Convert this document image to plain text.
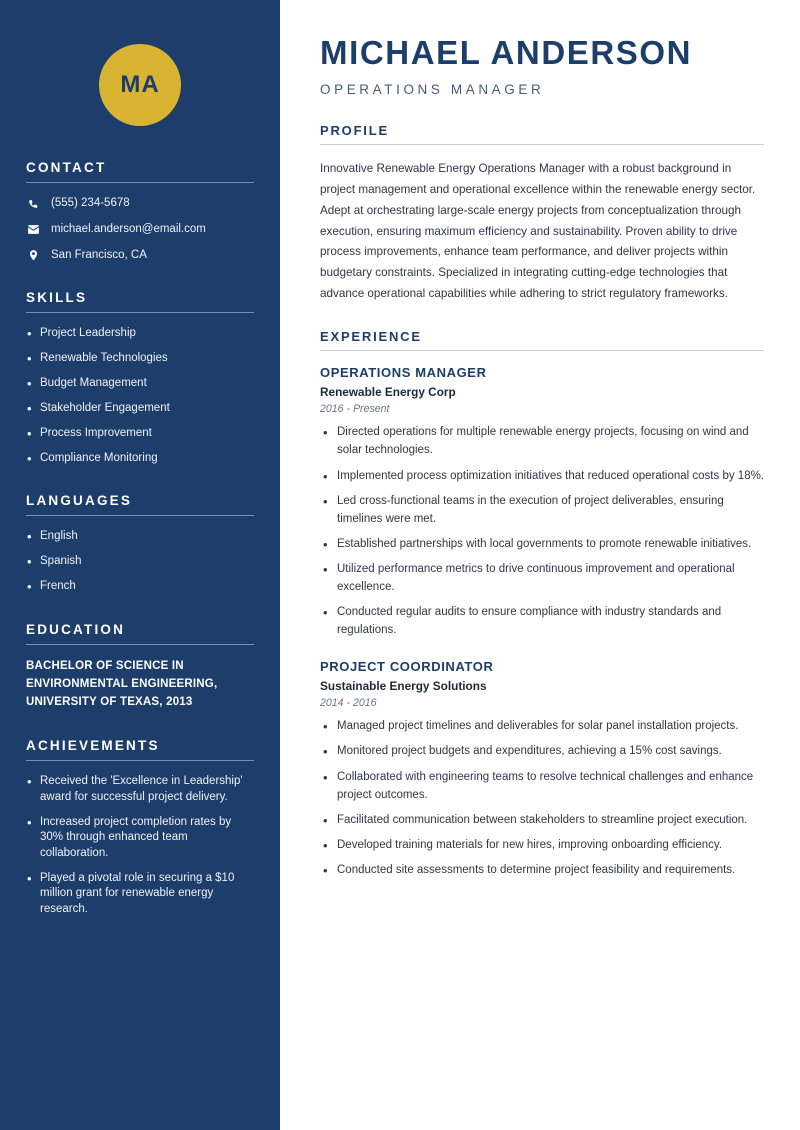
MA
CONTACT
(555) 234-5678
michael.anderson@email.com
San Francisco, CA
SKILLS
• Project Leadership
• Renewable Technologies
• Budget Management
• Stakeholder Engagement
• Process Improvement
• Compliance Monitoring
LANGUAGES
• English
• Spanish
• French
EDUCATION
BACHELOR OF SCIENCE IN ENVIRONMENTAL ENGINEERING, UNIVERSITY OF TEXAS, 2013
ACHIEVEMENTS
• Received the 'Excellence in Leadership' award for successful project delivery.
• Increased project completion rates by 30% through enhanced team collaboration.
• Played a pivotal role in securing a $10 million grant for renewable energy research.
MICHAEL ANDERSON
OPERATIONS MANAGER
PROFILE

Innovative Renewable Energy Operations Manager with a robust background in project management and operational excellence within the renewable energy sector. Adept at orchestrating large-scale energy projects from conceptualization through execution, ensuring maximum efficiency and sustainability. Proven ability to drive process improvements, enhance team performance, and deliver projects within budgetary constraints. Specialized in integrating cutting-edge technologies that advance operational capabilities while adhering to strict regulatory frameworks.

EXPERIENCE
OPERATIONS MANAGER
Renewable Energy Corp
2016 - Present
• Directed operations for multiple renewable energy projects, focusing on wind and solar technologies.
• Implemented process optimization initiatives that reduced operational costs by 18%.
• Led cross-functional teams in the execution of project deliverables, ensuring timelines were met.
• Established partnerships with local governments to promote renewable initiatives.
• Utilized performance metrics to drive continuous improvement and operational excellence.
• Conducted regular audits to ensure compliance with industry standards and regulations.
PROJECT COORDINATOR
Sustainable Energy Solutions
2014 - 2016
• Managed project timelines and deliverables for solar panel installation projects.
• Monitored project budgets and expenditures, achieving a 15% cost savings.
• Collaborated with engineering teams to resolve technical challenges and enhance project outcomes.
• Facilitated communication between stakeholders to streamline project execution.
• Developed training materials for new hires, improving onboarding efficiency.
• Conducted site assessments to determine project feasibility and requirements.
